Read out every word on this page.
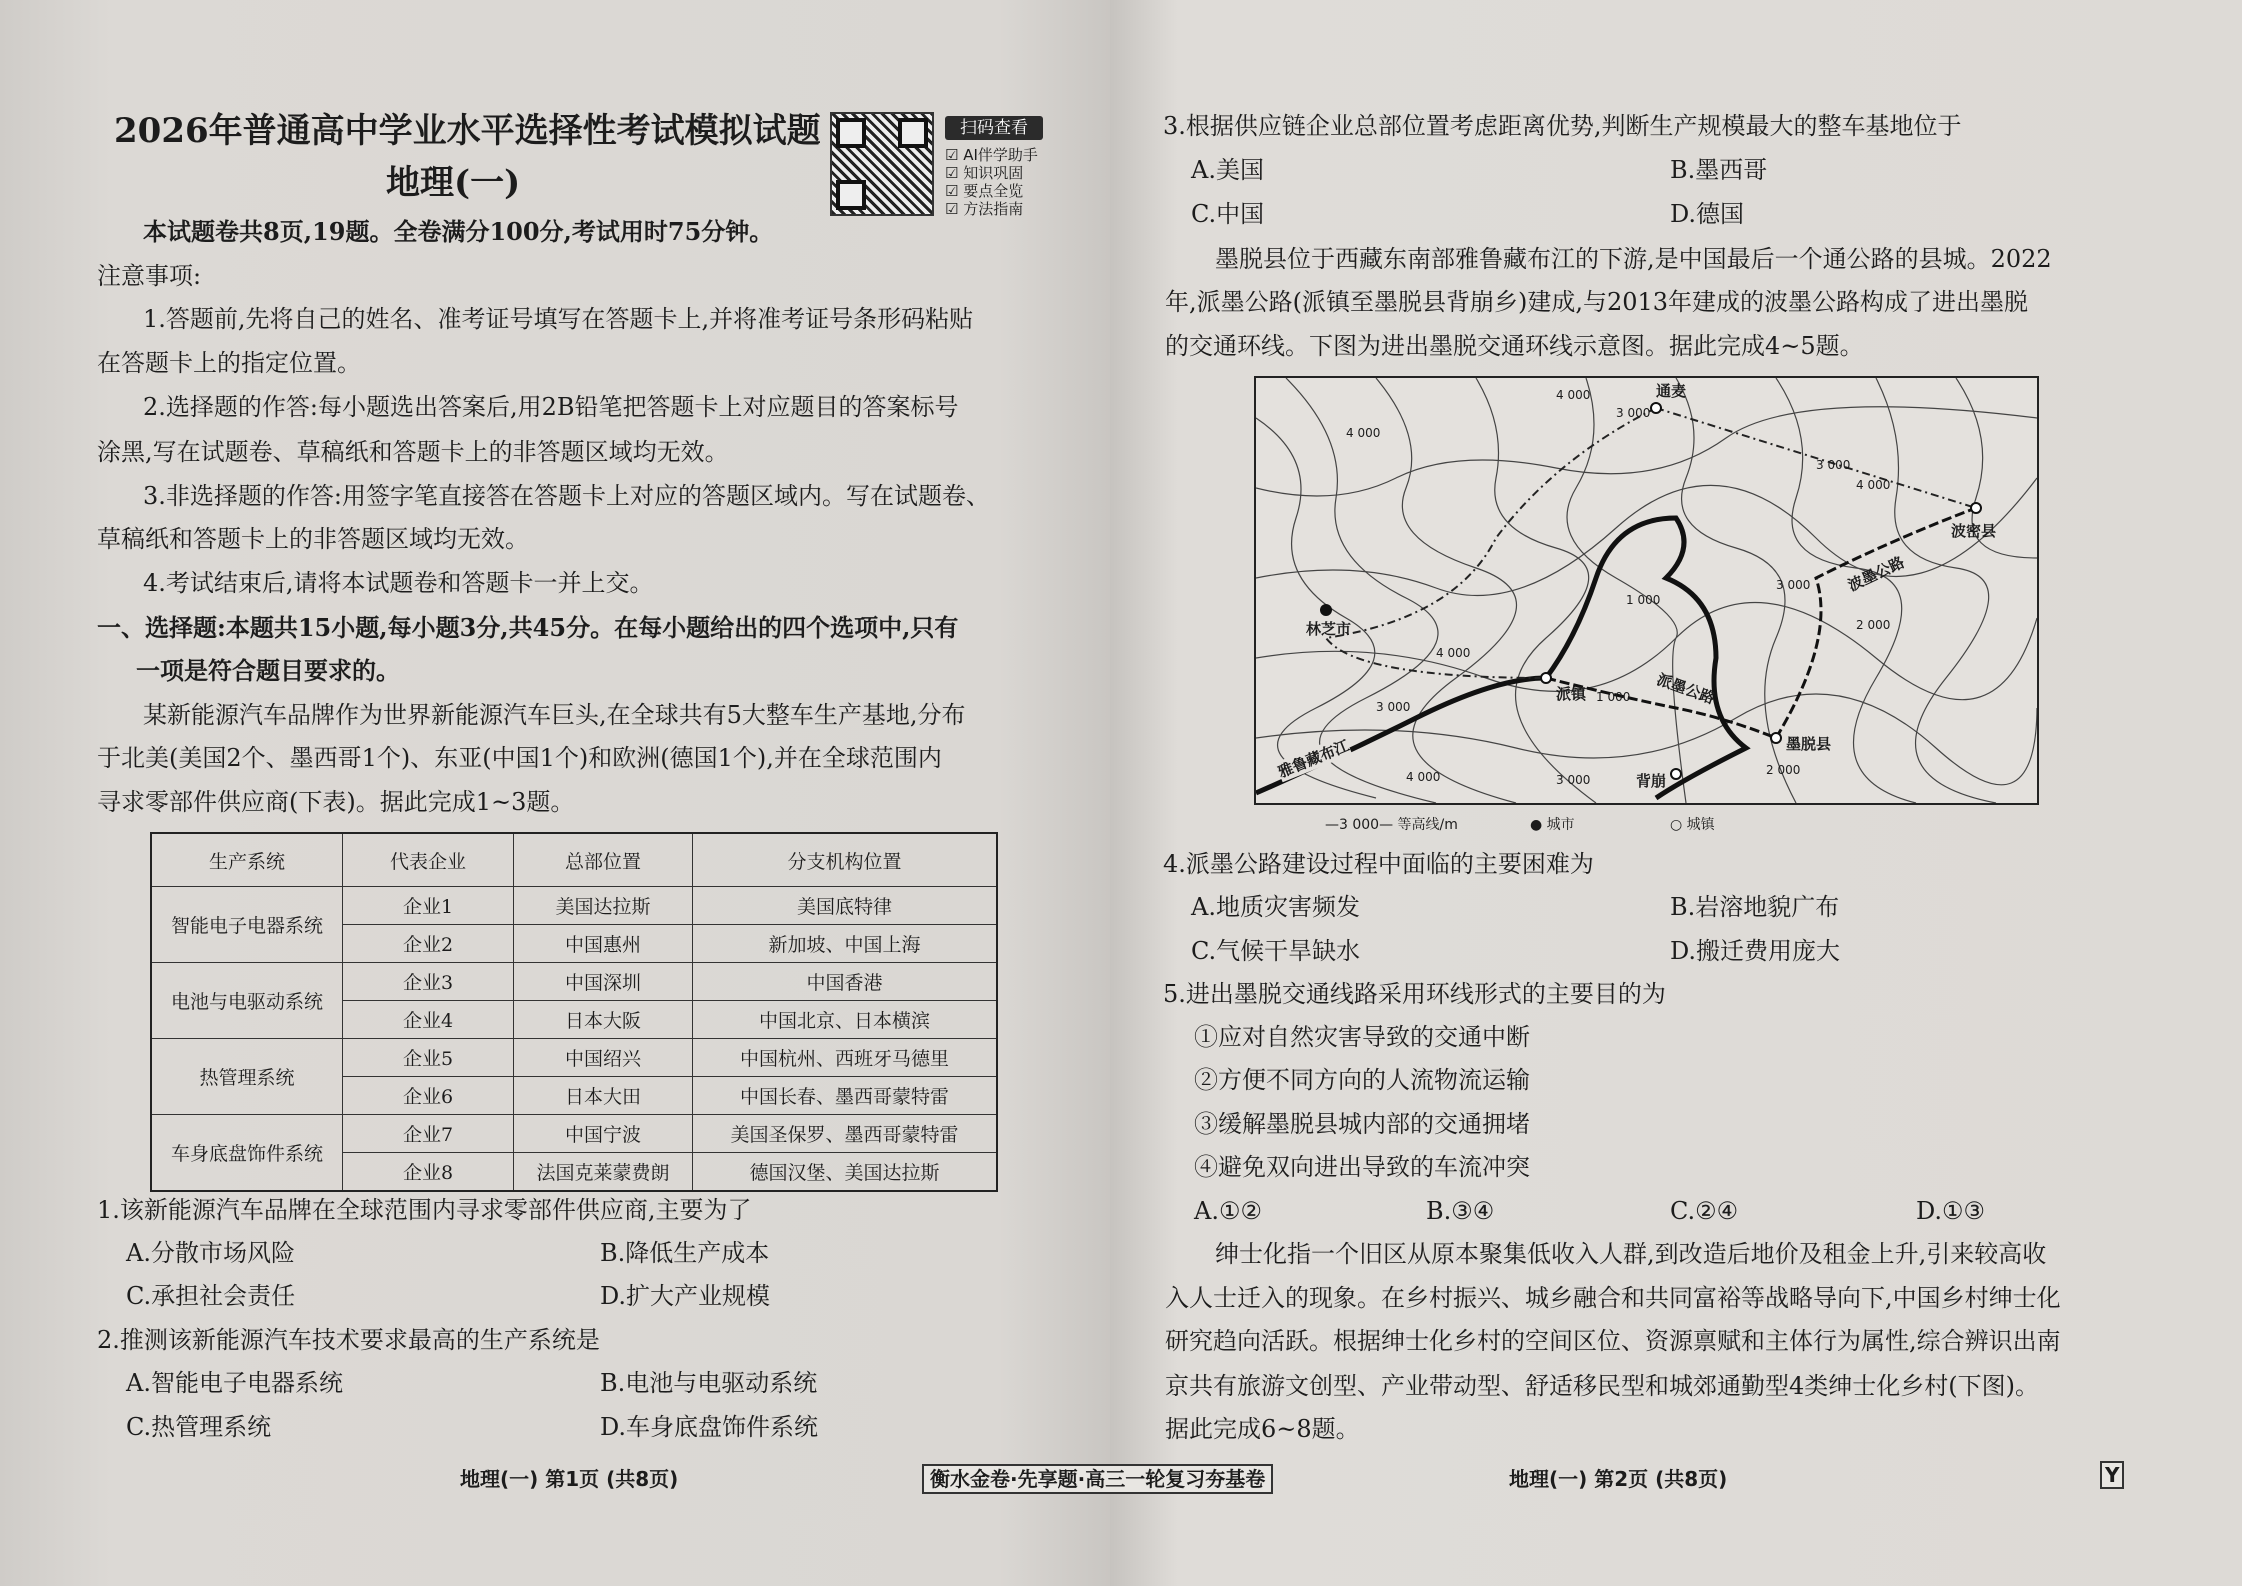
2026年普通高中学业水平选择性考试模拟试题
地理(一)
扫码查看
☑ AI伴学助手
☑ 知识巩固
☑ 要点全览
☑ 方法指南
本试题卷共8页,19题。全卷满分100分,考试用时75分钟。
注意事项:
1.答题前,先将自己的姓名、准考证号填写在答题卡上,并将准考证号条形码粘贴
在答题卡上的指定位置。
2.选择题的作答:每小题选出答案后,用2B铅笔把答题卡上对应题目的答案标号
涂黑,写在试题卷、草稿纸和答题卡上的非答题区域均无效。
3.非选择题的作答:用签字笔直接答在答题卡上对应的答题区域内。写在试题卷、
草稿纸和答题卡上的非答题区域均无效。
4.考试结束后,请将本试题卷和答题卡一并上交。
一、选择题:本题共15小题,每小题3分,共45分。在每小题给出的四个选项中,只有
一项是符合题目要求的。
某新能源汽车品牌作为世界新能源汽车巨头,在全球共有5大整车生产基地,分布
于北美(美国2个、墨西哥1个)、东亚(中国1个)和欧洲(德国1个),并在全球范围内
寻求零部件供应商(下表)。据此完成1~3题。
生产系统	代表企业	总部位置	分支机构位置
智能电子电器系统	企业1	美国达拉斯	美国底特律
	企业2	中国惠州	新加坡、中国上海
电池与电驱动系统	企业3	中国深圳	中国香港
	企业4	日本大阪	中国北京、日本横滨
热管理系统	企业5	中国绍兴	中国杭州、西班牙马德里
	企业6	日本大田	中国长春、墨西哥蒙特雷
车身底盘饰件系统	企业7	中国宁波	美国圣保罗、墨西哥蒙特雷
	企业8	法国克莱蒙费朗	德国汉堡、美国达拉斯
1.该新能源汽车品牌在全球范围内寻求零部件供应商,主要为了
A.分散市场风险	B.降低生产成本
C.承担社会责任	D.扩大产业规模
2.推测该新能源汽车技术要求最高的生产系统是
A.智能电子电器系统	B.电池与电驱动系统
C.热管理系统	D.车身底盘饰件系统
地理(一) 第1页 (共8页)
3.根据供应链企业总部位置考虑距离优势,判断生产规模最大的整车基地位于
A.美国	B.墨西哥
C.中国	D.德国
墨脱县位于西藏东南部雅鲁藏布江的下游,是中国最后一个通公路的县城。2022
年,派墨公路(派镇至墨脱县背崩乡)建成,与2013年建成的波墨公路构成了进出墨脱
的交通环线。下图为进出墨脱交通环线示意图。据此完成4~5题。
衡水金卷·先享题·高三一轮复习夯基卷
通麦
波密县
波墨公路
林芝市
派镇	派墨公路
墨脱县
背崩
雅鲁藏布江
4 000
3 000
4 000
3 000
4 000
3 000
2 000
1 000
4 000
3 000
4 000
1 000
3 000
2 000
—3 000— 等高线/m	● 城市	○ 城镇
4.派墨公路建设过程中面临的主要困难为
A.地质灾害频发	B.岩溶地貌广布
C.气候干旱缺水	D.搬迁费用庞大
5.进出墨脱交通线路采用环线形式的主要目的为
①应对自然灾害导致的交通中断
②方便不同方向的人流物流运输
③缓解墨脱县城内部的交通拥堵
④避免双向进出导致的车流冲突
A.①②	B.③④	C.②④	D.①③
绅士化指一个旧区从原本聚集低收入人群,到改造后地价及租金上升,引来较高收
入人士迁入的现象。在乡村振兴、城乡融合和共同富裕等战略导向下,中国乡村绅士化
研究趋向活跃。根据绅士化乡村的空间区位、资源禀赋和主体行为属性,综合辨识出南
京共有旅游文创型、产业带动型、舒适移民型和城郊通勤型4类绅士化乡村(下图)。
据此完成6~8题。
地理(一) 第2页 (共8页)	Y
